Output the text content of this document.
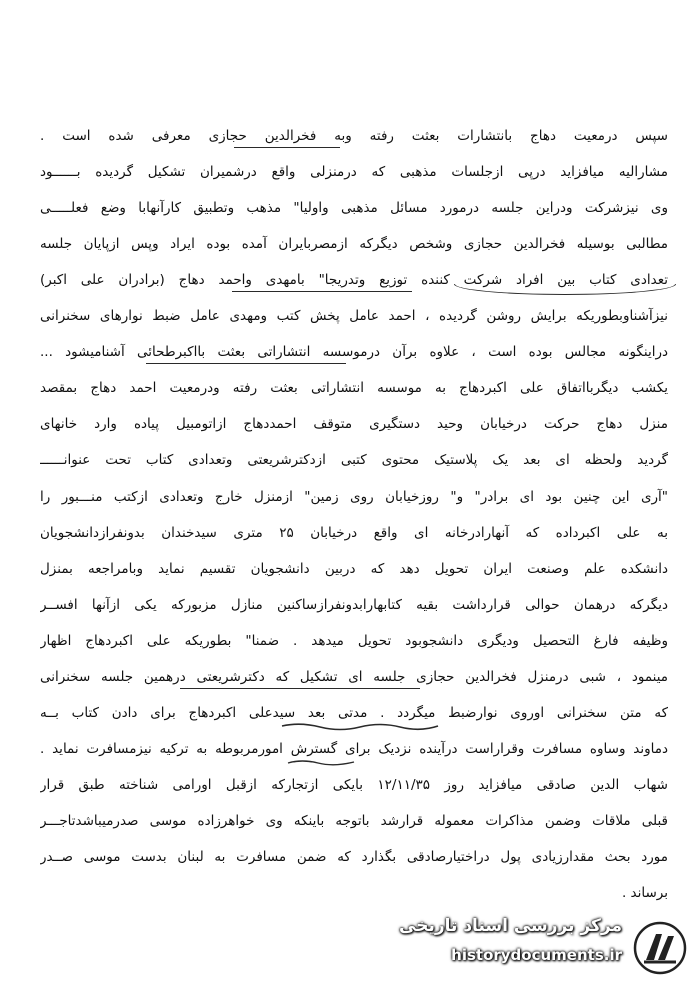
سپس درمعیت دهاج بانتشارات بعثت رفته وبه فخرالدین حجازی معرفی شده است .
مشارالیه میافزاید درپی ازجلسات مذهبی که درمنزلی واقع درشمیران تشکیل گردیده بــــــود
وی نیزشرکت ودراین جلسه درمورد مسائل مذهبی واولیا" مذهب وتطبیق کارآنهابا وضع فعلـــــی
مطالبی بوسیله فخرالدین حجازی وشخص دیگرکه ازمصربایران آمده بوده ایراد وپس ازپایان جلسه
تعدادی کتاب بین افراد شرکت کننده توزیع وتدریجا" بامهدی واحمد دهاج (برادران علی اکبر)
نیزآشناوبطوریکه برایش روشن گردیده ، احمد عامل پخش کتب ومهدی عامل ضبط نوارهای سخنرانی
دراینگونه مجالس بوده است ، علاوه برآن درموسسه انتشاراتی بعثت بااکبرطحائی آشنامیشود ...
یکشب دیگربااتفاق علی اکبردهاج به موسسه انتشاراتی بعثت رفته ودرمعیت احمد دهاج بمقصد
منزل دهاج حرکت درخیابان وحید دستگیری متوقف احمددهاج ازاتومبیل پیاده وارد خانهای
گردید ولحظه ای بعد یک پلاستیک محتوی کتبی ازدکترشریعتی وتعدادی کتاب تحت عنوانــــــ
"آری این چنین بود ای برادر" و" روزخیابان روی زمین" ازمنزل خارج وتعدادی ازکتب منـــبور را
به علی اکبرداده که آنهارادرخانه ای واقع درخیابان ۲۵ متری سیدخندان بدونفرازدانشجویان
دانشکده علم وصنعت ایران تحویل دهد که دربین دانشجویان تقسیم نماید وبامراجعه بمنزل
دیگرکه درهمان حوالی قرارداشت بقیه کتابهارابدونفرازساکنین منازل مزبورکه یکی ازآنها افســر
وظیفه فارغ التحصیل ودیگری دانشجوبود تحویل میدهد . ضمنا" بطوریکه علی اکبردهاج اظهار
مینمود ، شبی درمنزل فخرالدین حجازی جلسه ای تشکیل که دکترشریعتی درهمین جلسه سخنرانی
که متن سخنرانی اوروی نوارضبط میگردد . مدتی بعد سیدعلی اکبردهاج برای دادن کتاب بــه
دماوند وساوه مسافرت وقراراست درآینده نزدیک برای گسترش امورمربوطه به ترکیه نیزمسافرت نماید .
شهاب الدین صادقی میافزاید روز ۱۲/۱۱/۳۵ بایکی ازتجارکه ازقبل اورامی شناخته طبق قرار
قبلی ملاقات وضمن مذاکرات معموله قرارشد باتوجه باینکه وی خواهرزاده موسی صدرمیباشدتاجـــر
مورد بحث مقدارزیادی پول دراختیارصادقی بگذارد که ضمن مسافرت به لبنان بدست موسی صــدر
برساند .
مرکز بررسی اسناد تاریخی
historydocuments.ir
